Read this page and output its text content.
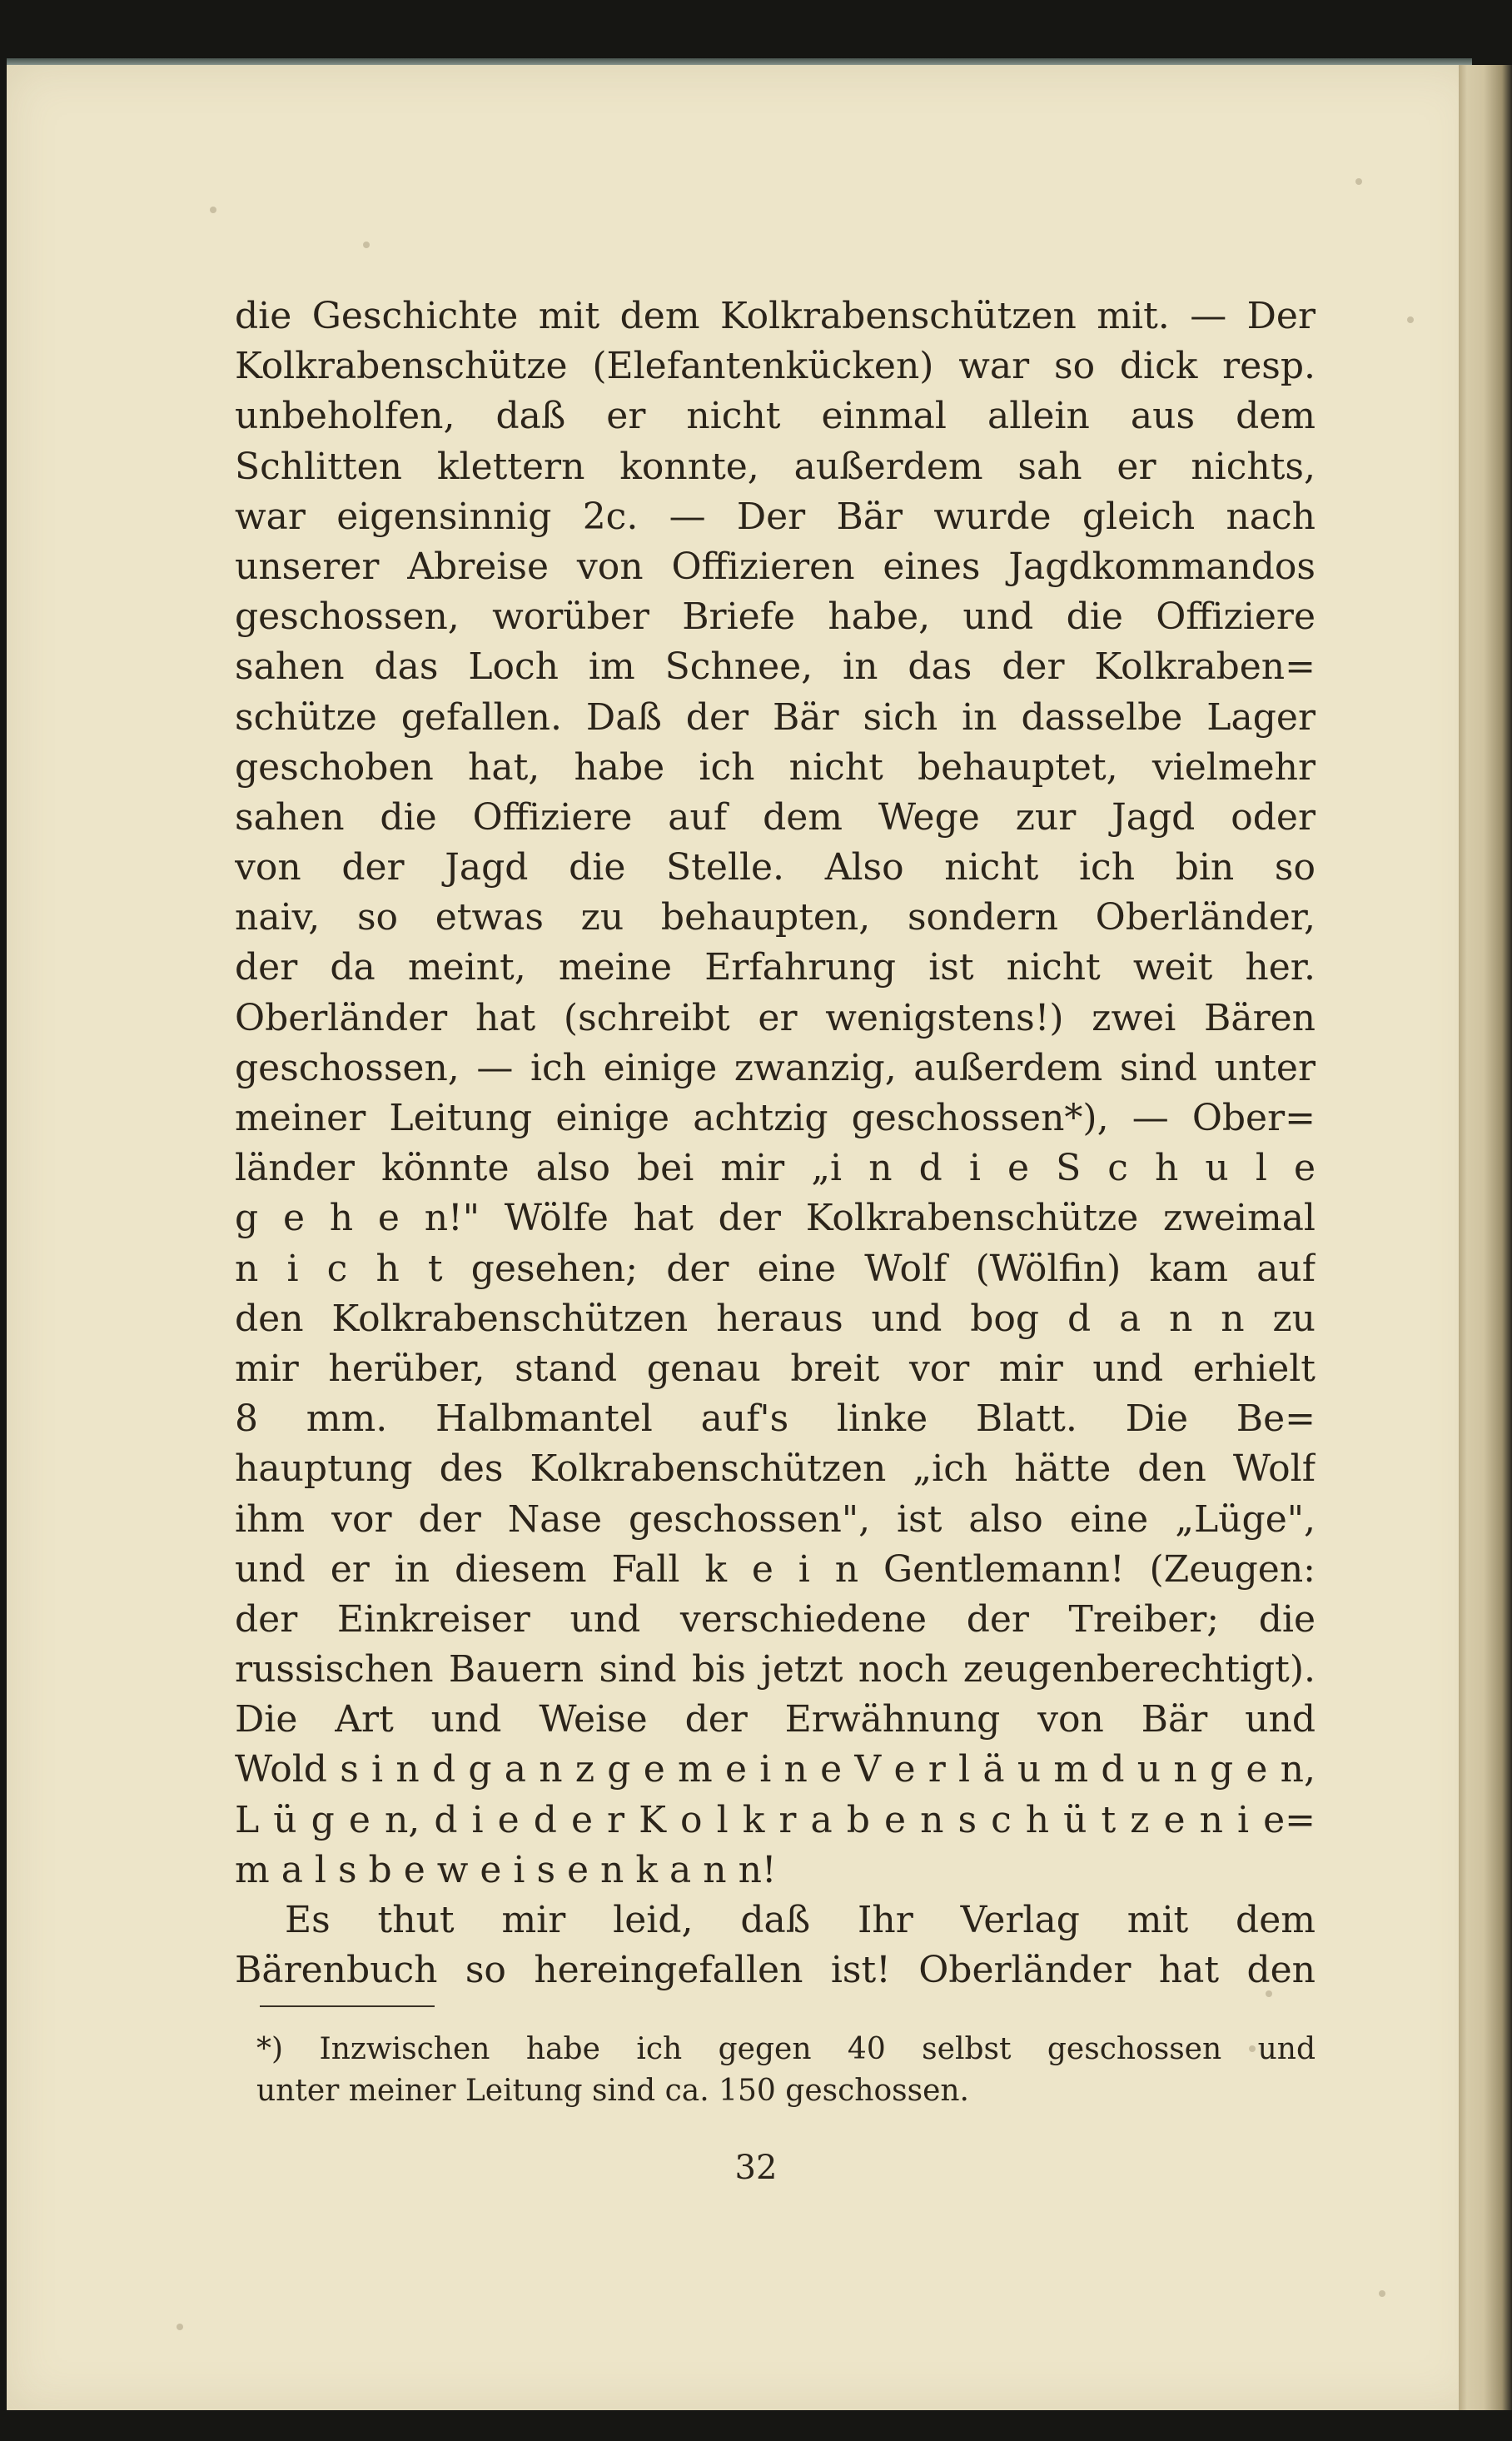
die Geschichte mit dem Kolkrabenschützen mit. — Der
Kolkrabenschütze (Elefantenkücken) war so dick resp.
unbeholfen, daß er nicht einmal allein aus dem
Schlitten klettern konnte, außerdem sah er nichts,
war eigensinnig 2c. — Der Bär wurde gleich nach
unserer Abreise von Offizieren eines Jagdkommandos
geschossen, worüber Briefe habe, und die Offiziere
sahen das Loch im Schnee, in das der Kolkraben=
schütze gefallen. Daß der Bär sich in dasselbe Lager
geschoben hat, habe ich nicht behauptet, vielmehr
sahen die Offiziere auf dem Wege zur Jagd oder
von der Jagd die Stelle. Also nicht ich bin so
naiv, so etwas zu behaupten, sondern Oberländer,
der da meint, meine Erfahrung ist nicht weit her.
Oberländer hat (schreibt er wenigstens!) zwei Bären
geschossen, — ich einige zwanzig, außerdem sind unter
meiner Leitung einige achtzig geschossen*), — Ober=
länder könnte also bei mir „i n d i e S c h u l e
g e h e n!" Wölfe hat der Kolkrabenschütze zweimal
n i c h t gesehen; der eine Wolf (Wölfin) kam auf
den Kolkrabenschützen heraus und bog d a n n zu
mir herüber, stand genau breit vor mir und erhielt
8 mm. Halbmantel auf's linke Blatt. Die Be=
hauptung des Kolkrabenschützen „ich hätte den Wolf
ihm vor der Nase geschossen", ist also eine „Lüge",
und er in diesem Fall k e i n Gentlemann! (Zeugen:
der Einkreiser und verschiedene der Treiber; die
russischen Bauern sind bis jetzt noch zeugenberechtigt).
Die Art und Weise der Erwähnung von Bär und
Wold s i n d g a n z g e m e i n e V e r l ä u m d u n g e n,
L ü g e n, d i e d e r K o l k r a b e n s c h ü t z e n i e=
m a l s b e w e i s e n k a n n!
Es thut mir leid, daß Ihr Verlag mit dem
Bärenbuch so hereingefallen ist! Oberländer hat den
*) Inzwischen habe ich gegen 40 selbst geschossen und
unter meiner Leitung sind ca. 150 geschossen.
32
